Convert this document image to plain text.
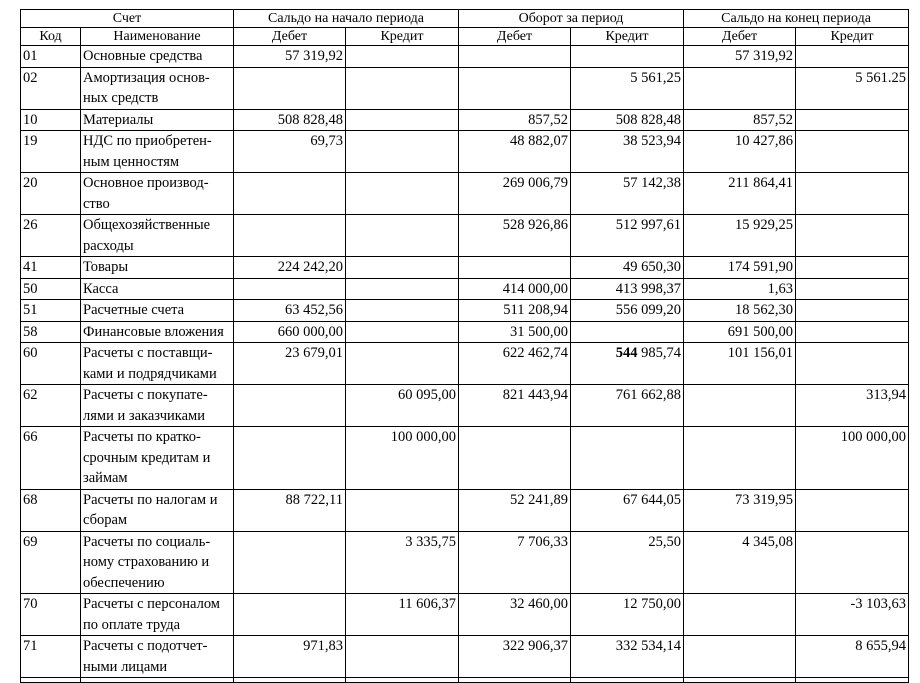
Счет		Сальдо на начало периода		Оборот за период		Сальдо на конец периода	
Код	Наименование	Дебет	Кредит	Дебет	Кредит	Дебет	Кредит
01	Основные средства	57 319,92				57 319,92	
02	Амортизация основ-
ных средств				5 561,25		5 561.25
10	Материалы	508 828,48		857,52	508 828,48	857,52	
19	НДС по приобретен-
ным ценностям	69,73		48 882,07	38 523,94	10 427,86	
20	Основное производ-
ство			269 006,79	57 142,38	211 864,41	
26	Общехозяйственные
расходы			528 926,86	512 997,61	15 929,25	
41	Товары	224 242,20			49 650,30	174 591,90	
50	Касса			414 000,00	413 998,37	1,63	
51	Расчетные счета	63 452,56		511 208,94	556 099,20	18 562,30	
58	Финансовые вложения	660 000,00		31 500,00		691 500,00	
60	Расчеты с поставщи-
ками и подрядчиками	23 679,01		622 462,74	544 985,74	101 156,01	
62	Расчеты с покупате-
лями и заказчиками		60 095,00	821 443,94	761 662,88		313,94
66	Расчеты по кратко-
срочным кредитам и
займам		100 000,00				100 000,00
68	Расчеты по налогам и
сборам	88 722,11		52 241,89	67 644,05	73 319,95	
69	Расчеты по социаль-
ному страхованию и
обеспечению		3 335,75	7 706,33	25,50	4 345,08	
70	Расчеты с персоналом
по оплате труда		11 606,37	32 460,00	12 750,00		-3 103,63
71	Расчеты с подотчет-
ными лицами	971,83		322 906,37	332 534,14		8 655,94
